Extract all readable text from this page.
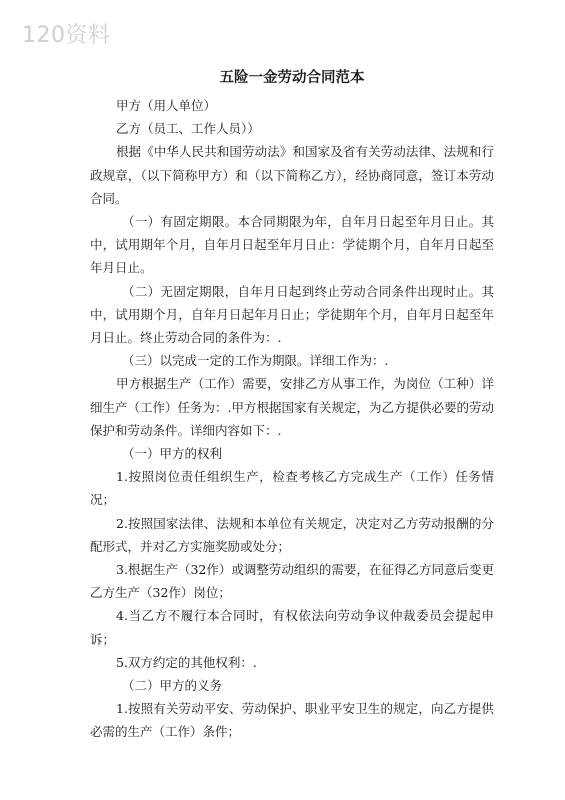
120资料
五险一金劳动合同范本

甲方（用人单位）

乙方（员工、工作人员））

根据《中华人民共和国劳动法》和国家及省有关劳动法律、法规和行政规章，（以下简称甲方）和（以下简称乙方），经协商同意，签订本劳动合同。

（一）有固定期限。本合同期限为年，自年月日起至年月日止。其中，试用期年个月，自年月日起至年月日止：学徒期个月，自年月日起至年月日止。

（二）无固定期限，自年月日起到终止劳动合同条件出现时止。其中，试用期个月，自年月日起年月日止；学徒期年个月，自年月日起至年月日止。终止劳动合同的条件为：.

（三）以完成一定的工作为期限。详细工作为：.

甲方根据生产（工作）需要，安排乙方从事工作，为岗位（工种）详细生产（工作）任务为：.甲方根据国家有关规定，为乙方提供必要的劳动保护和劳动条件。详细内容如下：.

（一）甲方的权利

1.按照岗位责任组织生产，检查考核乙方完成生产（工作）任务情况；

2.按照国家法律、法规和本单位有关规定，决定对乙方劳动报酬的分配形式，并对乙方实施奖励或处分；

3.根据生产（32作）或调整劳动组织的需要，在征得乙方同意后变更乙方生产（32作）岗位；

4.当乙方不履行本合同时，有权依法向劳动争议仲裁委员会提起申诉；

5.双方约定的其他权利：.

（二）甲方的义务

1.按照有关劳动平安、劳动保护、职业平安卫生的规定，向乙方提供必需的生产（工作）条件；
